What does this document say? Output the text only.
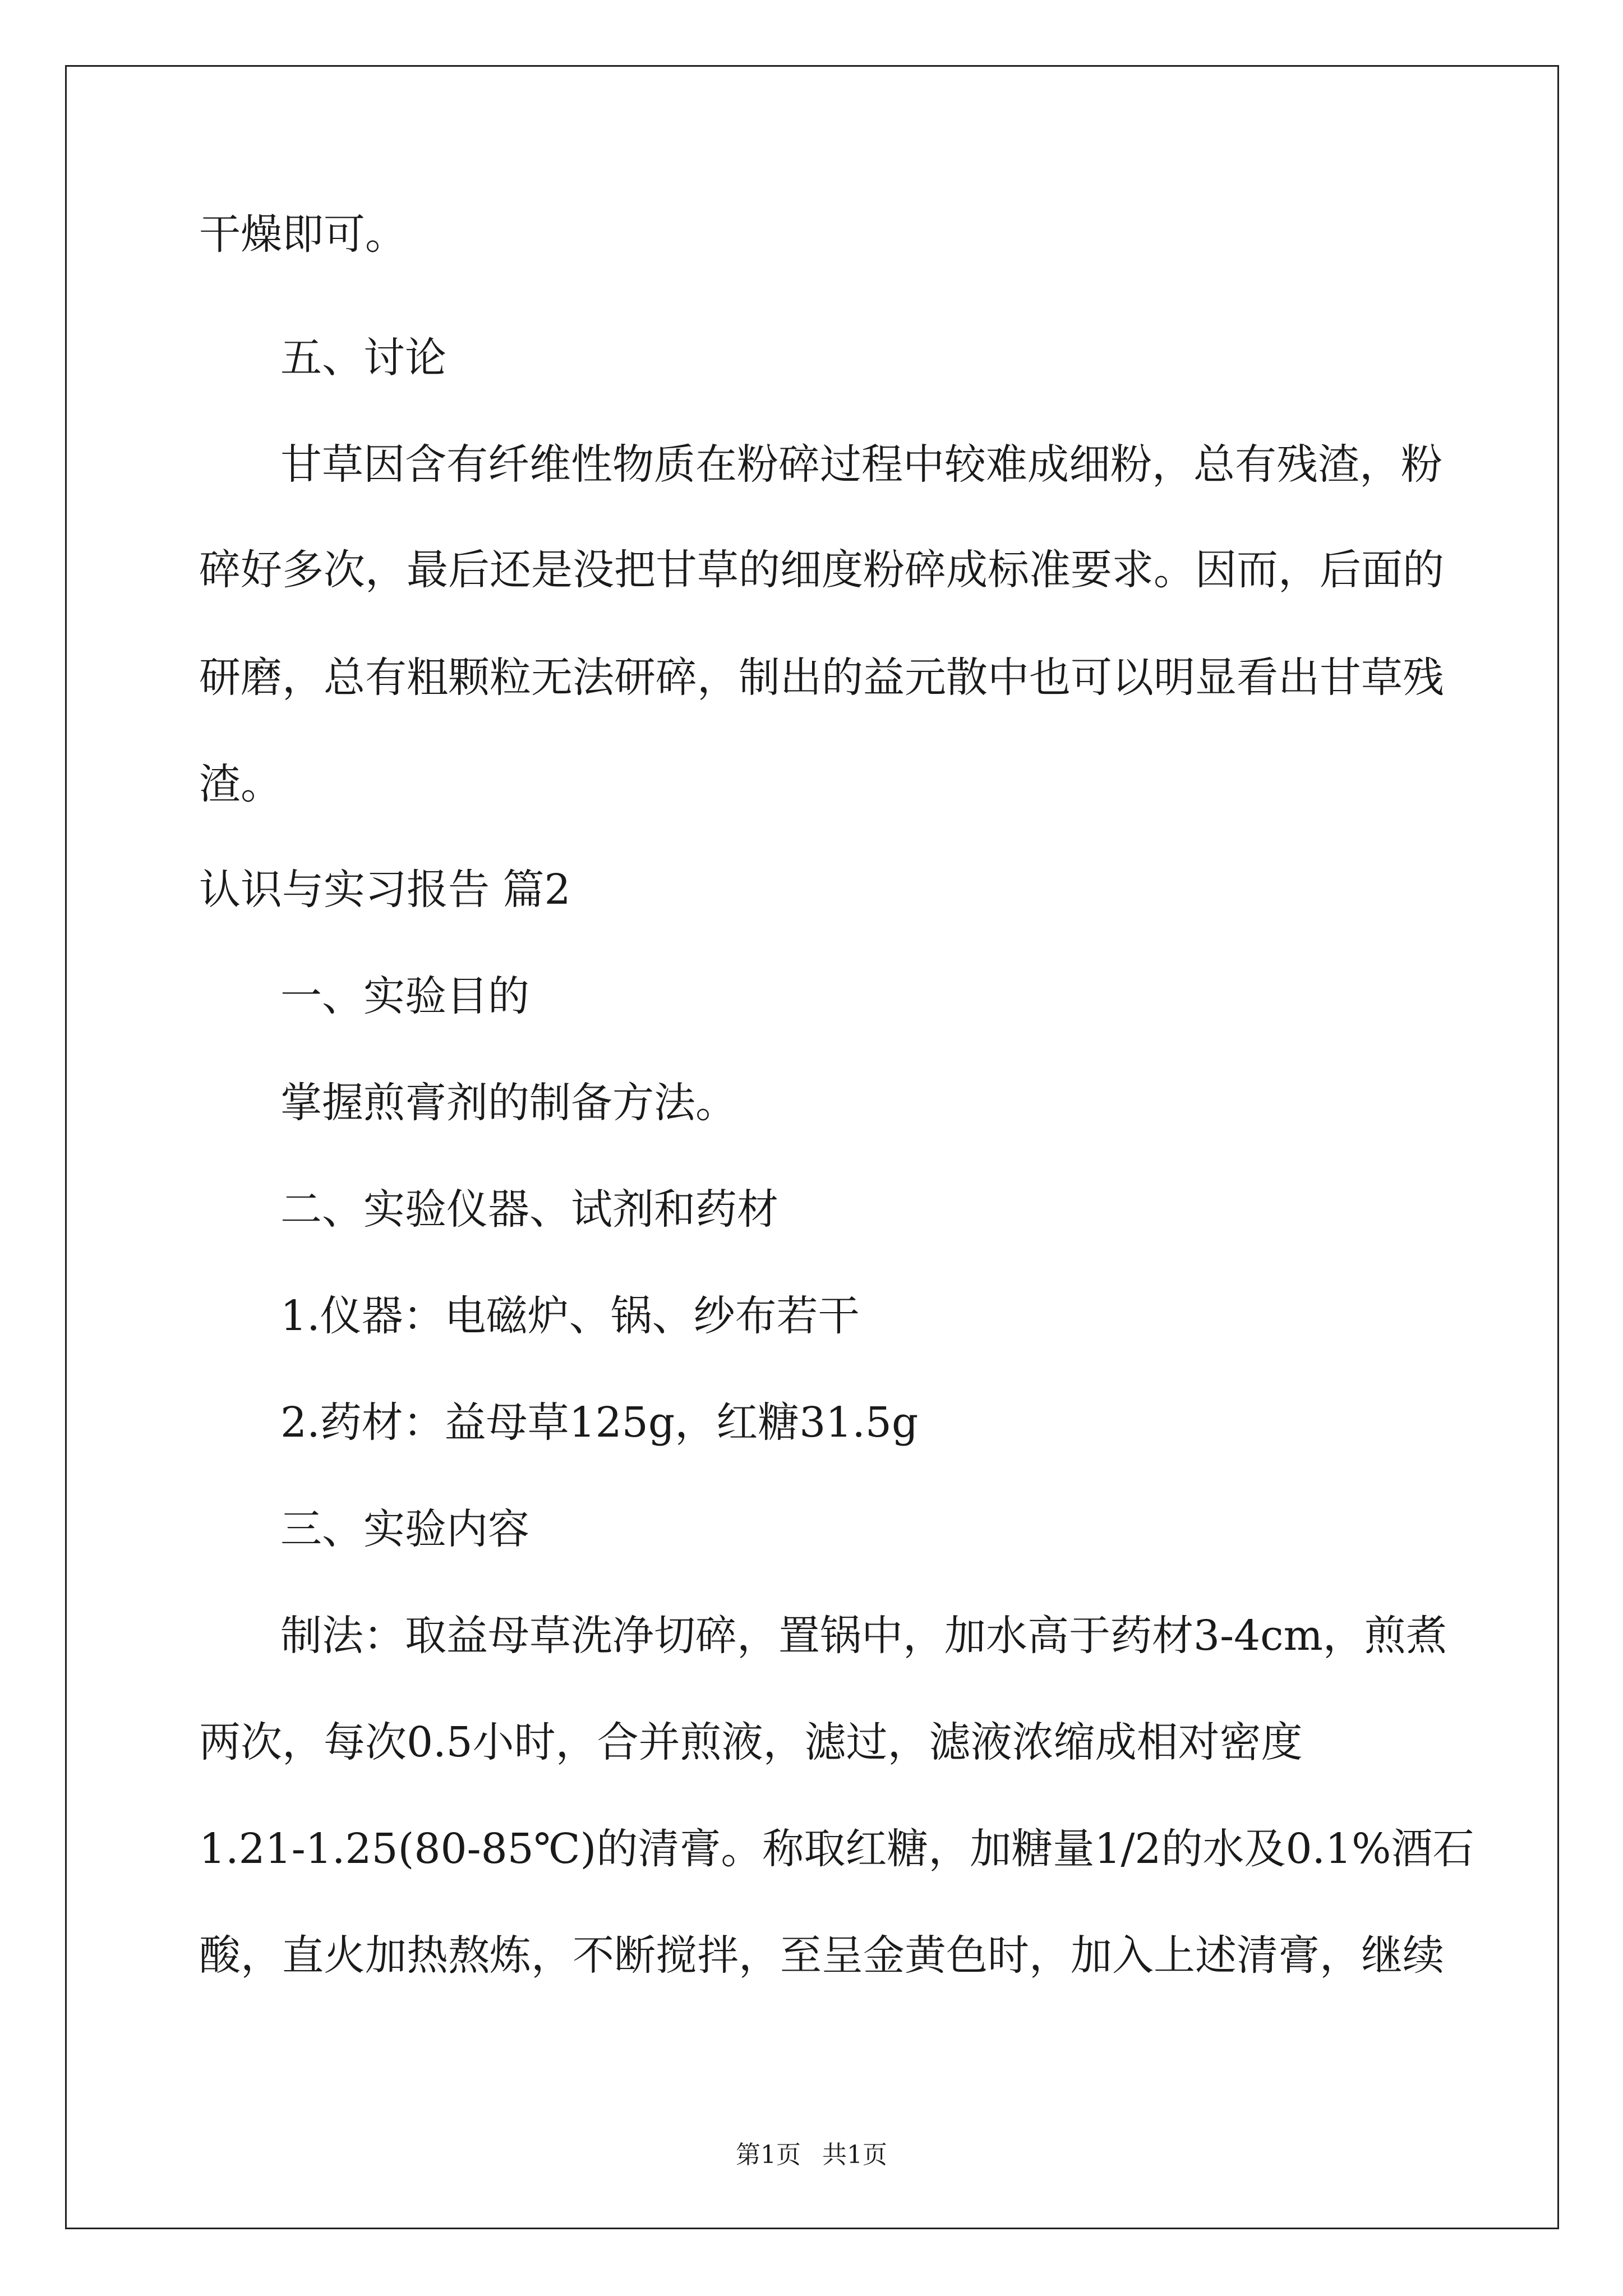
干燥即可。

五、讨论

甘草因含有纤维性物质在粉碎过程中较难成细粉，总有残渣，粉

碎好多次，最后还是没把甘草的细度粉碎成标准要求。因而，后面的

研磨，总有粗颗粒无法研碎，制出的益元散中也可以明显看出甘草残

渣。

认识与实习报告 篇2

一、实验目的

掌握煎膏剂的制备方法。

二、实验仪器、试剂和药材

1.仪器：电磁炉、锅、纱布若干

2.药材：益母草125g，红糖31.5g

三、实验内容

制法：取益母草洗净切碎，置锅中，加水高于药材3-4cm，煎煮

两次，每次0.5小时，合并煎液，滤过，滤液浓缩成相对密度

1.21-1.25(80-85℃)的清膏。称取红糖，加糖量1/2的水及0.1%酒石

酸，直火加热熬炼，不断搅拌，至呈金黄色时，加入上述清膏，继续

第1页 共1页
